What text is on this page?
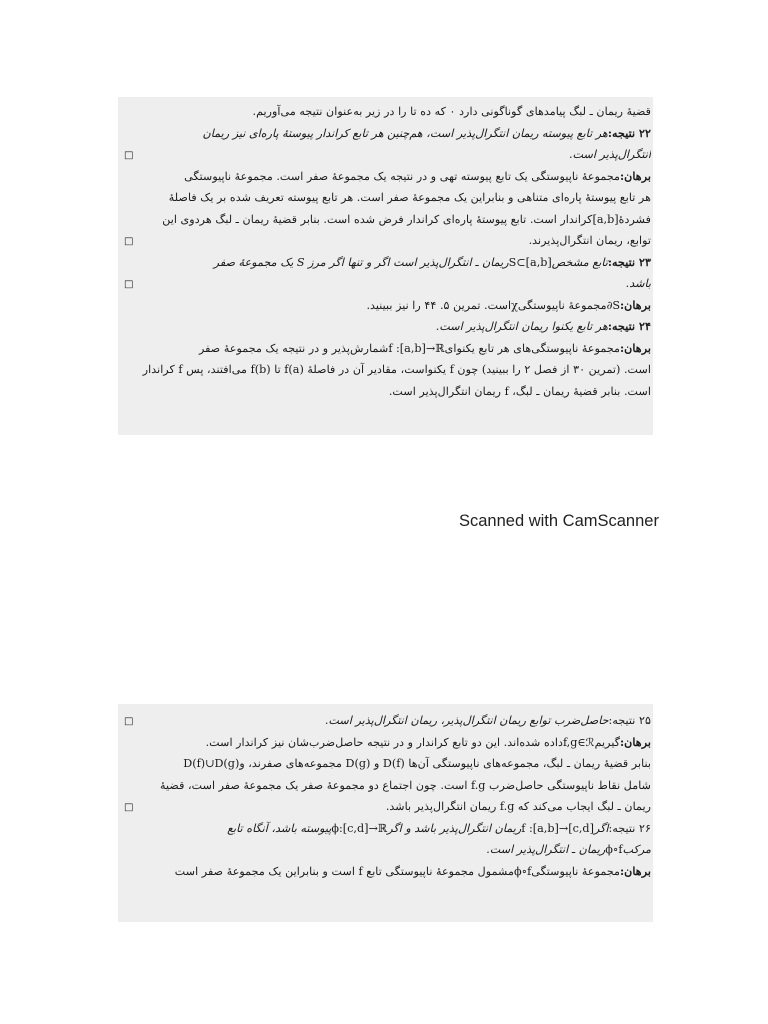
قضیهٔ ریمان ـ لبگ پیامدهای گوناگونی دارد ۰ که ده تا را در زیر به‌عنوان نتیجه می‌آوریم.
۲۲ نتیجه:
هر تابع پیوسته ریمان انتگرال‌پذیر است، هم‌چنین هر تابع کراندار پیوستهٔ پاره‌ای نیز ریمان
انتگرال‌پذیر است.
□
برهان:
مجموعهٔ ناپیوستگی یک تابع پیوسته تهی و در نتیجه یک مجموعهٔ صفر است. مجموعهٔ ناپیوستگی
هر تابع پیوستهٔ پاره‌ای متناهی و بنابراین یک مجموعهٔ صفر است. هر تابع پیوسته تعریف شده بر یک فاصلهٔ
فشردهٔ
[a,b]
کراندار است. تابع پیوستهٔ پاره‌ای کراندار فرض شده است. بنابر قضیهٔ ریمان ـ لبگ هردوی این
توابع، ریمان انتگرال‌پذیرند.
□
۲۳ نتیجه:
تابع مشخص
S⊂[a,b]
ریمان ـ انتگرال‌پذیر است اگر و تنها اگر مرز S یک مجموعهٔ صفر
باشد.
□
برهان:
∂S
مجموعهٔ ناپیوستگی
χ
است. تمرین ۵. ۴۴ را نیز ببینید.
۲۴ نتیجه:
هر تابع یکنوا ریمان انتگرال‌پذیر است.
برهان:
مجموعهٔ ناپیوستگی‌های هر تابع یکنوای
f :[a,b]→ℝ
شمارش‌پذیر و در نتیجه یک مجموعهٔ صفر
است. (تمرین ۳۰ از فصل ۲ را ببینید) چون f یکنواست، مقادیر آن در فاصلهٔ f(a) تا f(b) می‌افتند، پس f کراندار
است. بنابر قضیهٔ ریمان ـ لبگ، f ریمان انتگرال‌پذیر است.
Scanned with CamScanner
۲۵ نتیجه:
حاصل‌ضرب توابع ریمان انتگرال‌پذیر، ریمان انتگرال‌پذیر است.
□
برهان:
گیریم
f,g∈ℛ
داده شده‌اند. این دو تابع کراندار و در نتیجه حاصل‌ضرب‌شان نیز کراندار است.
بنابر قضیهٔ ریمان ـ لبگ، مجموعه‌های ناپیوستگی آن‌ها D(f) و D(g) مجموعه‌های صفرند، و
D(f)∪D(g)
شامل نقاط ناپیوستگی حاصل‌ضرب f.g است. چون اجتماع دو مجموعهٔ صفر یک مجموعهٔ صفر است، قضیهٔ
ریمان ـ لبگ ایجاب می‌کند که f.g ریمان انتگرال‌پذیر باشد.
□
۲۶ نتیجه:
اگر
f :[a,b]→[c,d]
ریمان انتگرال‌پذیر باشد و اگر
ϕ:[c,d]→ℝ
پیوسته باشد، آنگاه تابع
مرکب
ϕ∘f
ریمان ـ انتگرال‌پذیر است.
برهان:
مجموعهٔ ناپیوستگی
ϕ∘f
مشمول مجموعهٔ ناپیوستگی تابع f است و بنابراین یک مجموعهٔ صفر است
